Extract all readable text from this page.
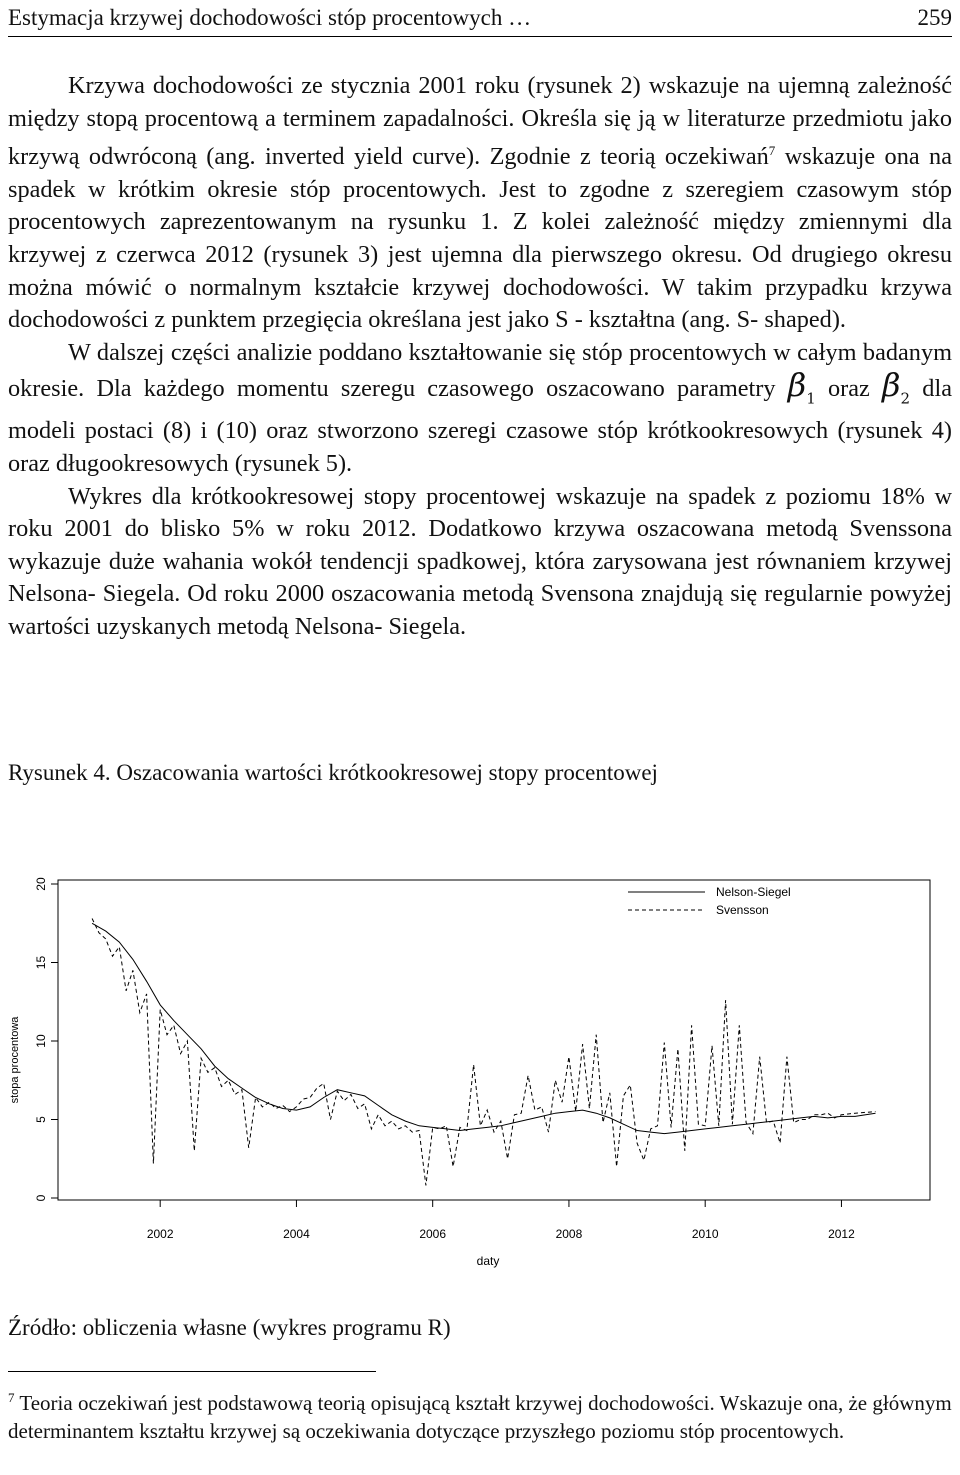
Estymacja krzywej dochodowości stóp procentowych …	259

Krzywa dochodowości ze stycznia 2001 roku (rysunek 2) wskazuje na ujemną zależność między stopą procentową a terminem zapadalności. Określa się ją w literaturze przedmiotu jako krzywą odwróconą (ang. inverted yield curve). Zgodnie z teorią oczekiwań$^7$ wskazuje ona na spadek w krótkim okresie stóp procentowych. Jest to zgodne z szeregiem czasowym stóp procentowych zaprezentowanym na rysunku 1. Z kolei zależność między zmiennymi dla krzywej z czerwca 2012 (rysunek 3) jest ujemna dla pierwszego okresu. Od drugiego okresu można mówić o normalnym kształcie krzywej dochodowości. W takim przypadku krzywa dochodowości z punktem przegięcia określana jest jako S - kształtna (ang. S- shaped).

W dalszej części analizie poddano kształtowanie się stóp procentowych w całym badanym okresie. Dla każdego momentu szeregu czasowego oszacowano parametry $\beta_1$ oraz $\beta_2$ dla modeli postaci (8) i (10) oraz stworzono szeregi czasowe stóp krótkookresowych (rysunek 4) oraz długookresowych (rysunek 5).

Wykres dla krótkookresowej stopy procentowej wskazuje na spadek z poziomu 18% w roku 2001 do blisko 5% w roku 2012. Dodatkowo krzywa oszacowana metodą Svenssona wykazuje duże wahania wokół tendencji spadkowej, która zarysowana jest równaniem krzywej Nelsona- Siegela. Od roku 2000 oszacowania metodą Svensona znajdują się regularnie powyżej wartości uzyskanych metodą Nelsona- Siegela.

Rysunek 4. Oszacowania wartości krótkookresowej stopy procentowej
0
5
10
15
20
2002	2004	2006	2008	2010	2012
Nelson-Siegel
Svensson
daty
stopa procentowa
Źródło: obliczenia własne (wykres programu R)
$^7$ Teoria oczekiwań jest podstawową teorią opisującą kształt krzywej dochodowości. Wskazuje ona, że głównym determinantem kształtu krzywej są oczekiwania dotyczące przyszłego poziomu stóp procentowych.
